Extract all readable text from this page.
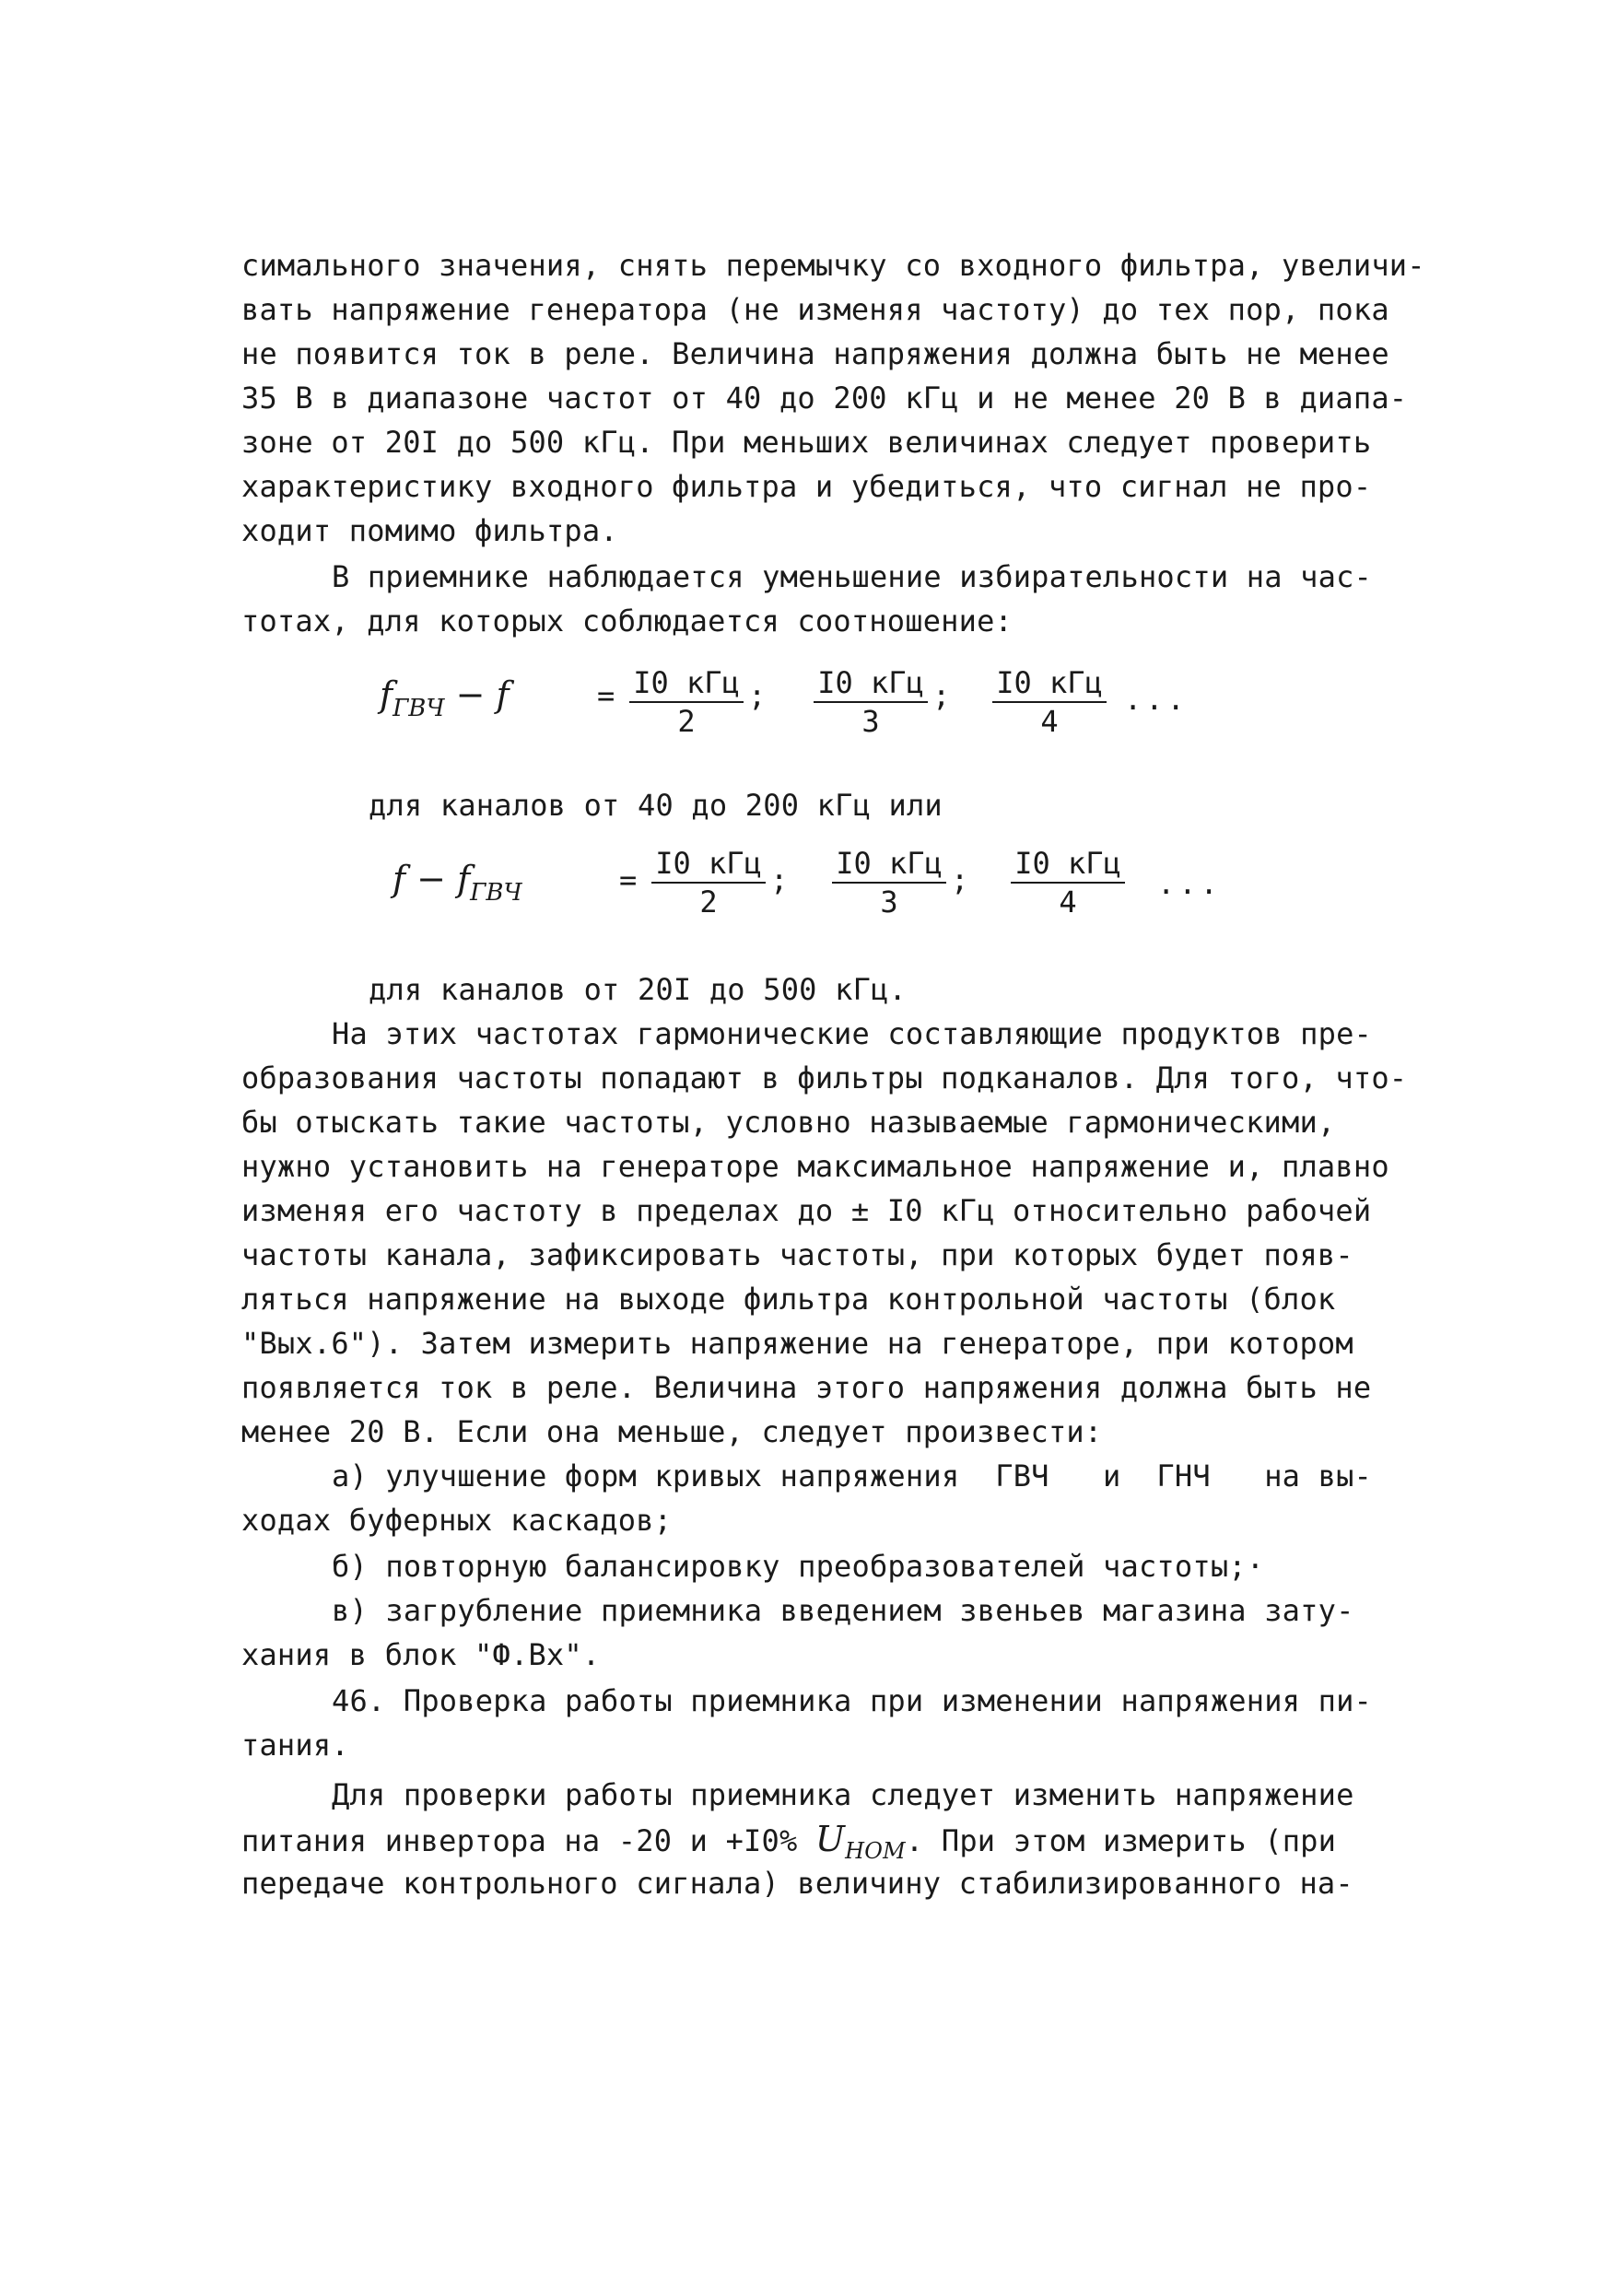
симального значения, снять перемычку со входного фильтра, увеличи-
вать напряжение генератора (не изменяя частоту) до тех пор, пока
не появится ток в реле. Величина напряжения должна быть не менее
35 В в диапазоне частот от 40 до 200 кГц и не менее 20 В в диапа-
зоне от 20I до 500 кГц. При меньших величинах следует проверить
характеристику входного фильтра и убедиться, что сигнал не про-
ходит помимо фильтра.
В приемнике наблюдается уменьшение избирательности на час-
тотах, для которых соблюдается соотношение:
$f_{ГВЧ} - f$	= I0 кГц
2
; I0 кГц
3
; I0 кГц
4
...
для каналов от 40 до 200 кГц или
$f - f_{ГВЧ}$	= I0 кГц
2
; I0 кГц
3
; I0 кГц
4
...
для каналов от 20I до 500 кГц.
На этих частотах гармонические составляющие продуктов пре-
образования частоты попадают в фильтры подканалов. Для того, что-
бы отыскать такие частоты, условно называемые гармоническими,
нужно установить на генераторе максимальное напряжение и, плавно
изменяя его частоту в пределах до ± I0 кГц относительно рабочей
частоты канала, зафиксировать частоты, при которых будет появ-
ляться напряжение на выходе фильтра контрольной частоты (блок
"Вых.6"). Затем измерить напряжение на генераторе, при котором
появляется ток в реле. Величина этого напряжения должна быть не
менее 20 В. Если она меньше, следует произвести:
а) улучшение форм кривых напряжения  ГВЧ   и  ГНЧ   на вы-
ходах буферных каскадов;
б) повторную балансировку преобразователей частоты;·
в) загрубление приемника введением звеньев магазина зату-
хания в блок "Ф.Вх".
46. Проверка работы приемника при изменении напряжения пи-
тания.
Для проверки работы приемника следует изменить напряжение
питания инвертора на -20 и +I0% $U_{НОМ}$. При этом измерить (при
передаче контрольного сигнала) величину стабилизированного на-
